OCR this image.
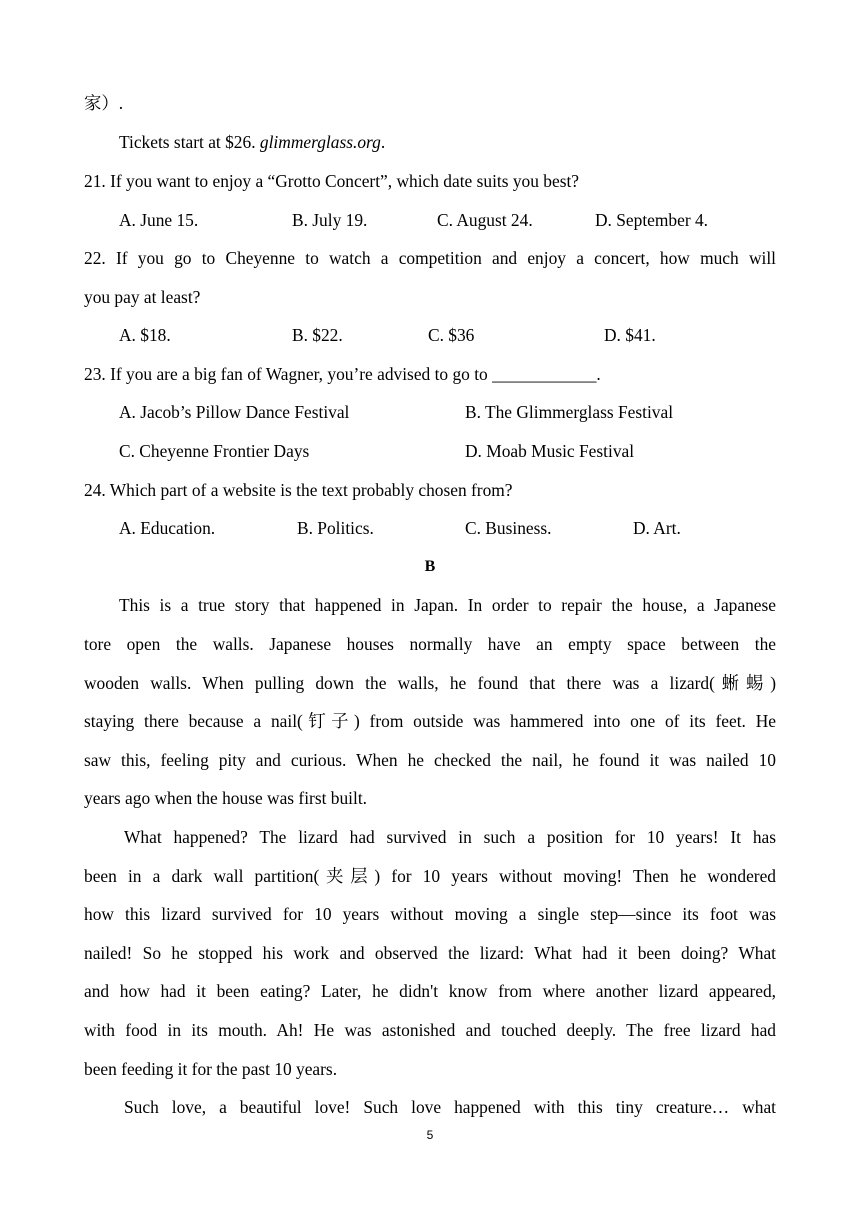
家）.
Tickets start at $26. glimmerglass.org.
21. If you want to enjoy a “Grotto Concert”, which date suits you best?
A. June 15.	B. July 19.	C. August 24.	D. September 4.
22. If you go to Cheyenne to watch a competition and enjoy a concert, how much will
you pay at least?
A. $18.	B. $22.	C. $36	D. $41.
23. If you are a big fan of Wagner, you’re advised to go to ____________.
A. Jacob’s Pillow Dance Festival	B. The Glimmerglass Festival
C. Cheyenne Frontier Days	D. Moab Music Festival
24. Which part of a website is the text probably chosen from?
A. Education.	B. Politics.	C. Business.	D. Art.
B
This is a true story that happened in Japan. In order to repair the house, a Japanese
tore open the walls. Japanese houses normally have an empty space between the
wooden walls. When pulling down the walls, he found that there was a lizard(蜥蜴)
staying there because a nail(钉子) from outside was hammered into one of its feet. He
saw this, feeling pity and curious. When he checked the nail, he found it was nailed 10
years ago when the house was first built.
What happened? The lizard had survived in such a position for 10 years! It has
been in a dark wall partition(夹层) for 10 years without moving! Then he wondered
how this lizard survived for 10 years without moving a single step—since its foot was
nailed! So he stopped his work and observed the lizard: What had it been doing? What
and how had it been eating? Later, he didn't know from where another lizard appeared,
with food in its mouth. Ah! He was astonished and touched deeply. The free lizard had
been feeding it for the past 10 years.
Such love, a beautiful love! Such love happened with this tiny creature… what
5
